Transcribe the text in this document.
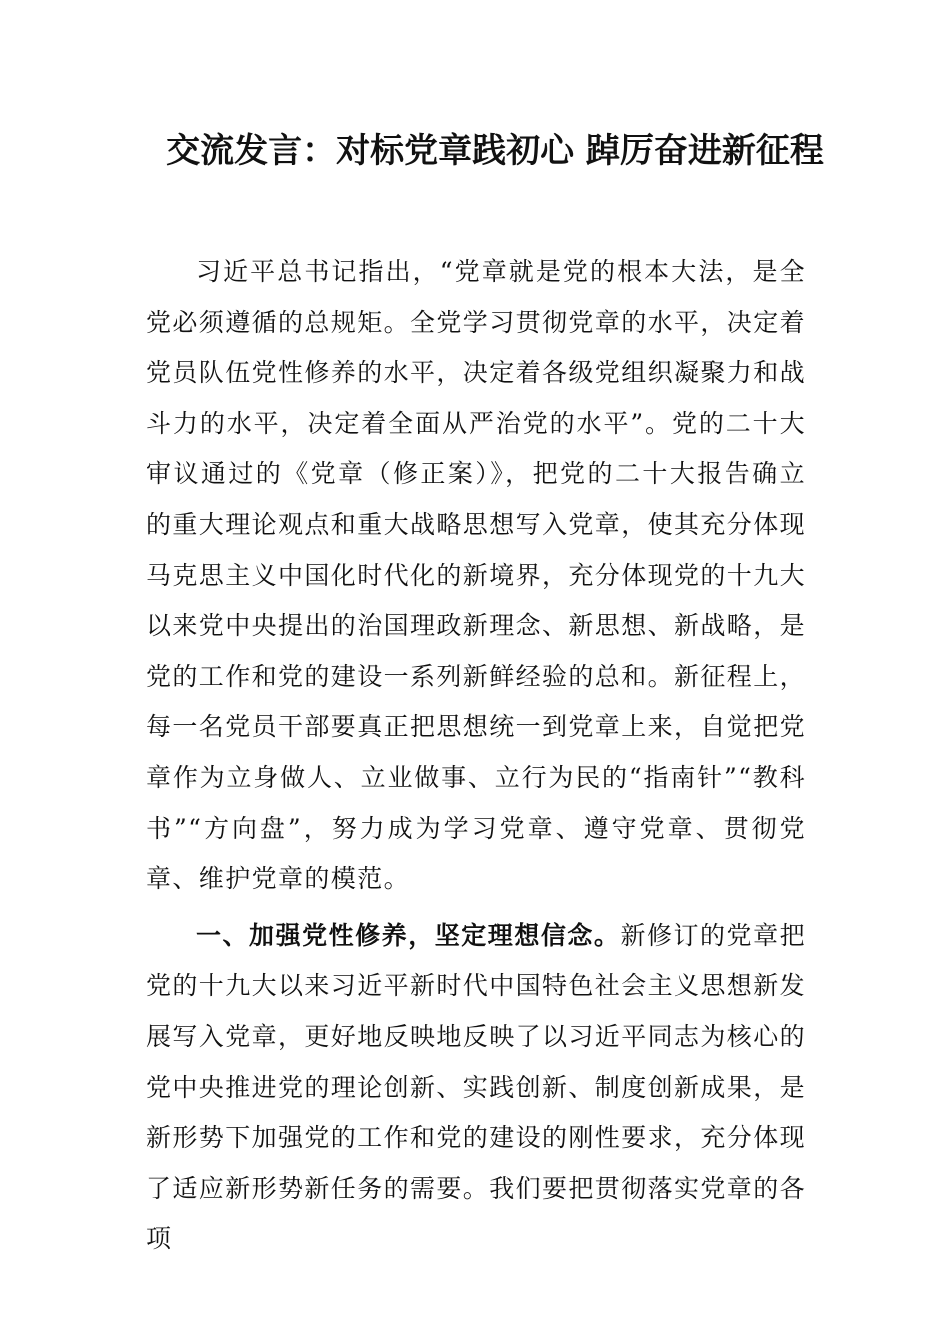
交流发言：对标党章践初心 踔厉奋进新征程

习近平总书记指出，“党章就是党的根本大法，是全党必须遵循的总规矩。全党学习贯彻党章的水平，决定着党员队伍党性修养的水平，决定着各级党组织凝聚力和战斗力的水平，决定着全面从严治党的水平”。党的二十大审议通过的《党章（修正案）》，把党的二十大报告确立的重大理论观点和重大战略思想写入党章，使其充分体现马克思主义中国化时代化的新境界，充分体现党的十九大以来党中央提出的治国理政新理念、新思想、新战略，是党的工作和党的建设一系列新鲜经验的总和。新征程上，每一名党员干部要真正把思想统一到党章上来，自觉把党章作为立身做人、立业做事、立行为民的“指南针”“教科书”“方向盘”，努力成为学习党章、遵守党章、贯彻党章、维护党章的模范。

一、加强党性修养，坚定理想信念。新修订的党章把党的十九大以来习近平新时代中国特色社会主义思想新发展写入党章，更好地反映地反映了以习近平同志为核心的党中央推进党的理论创新、实践创新、制度创新成果，是新形势下加强党的工作和党的建设的刚性要求，充分体现了适应新形势新任务的需要。我们要把贯彻落实党章的各项
